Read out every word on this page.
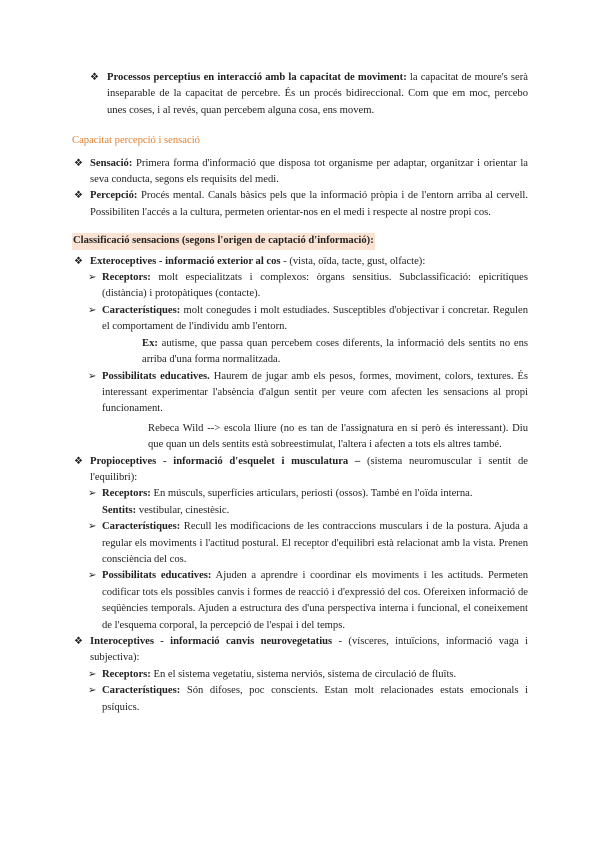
❖ Processos perceptius en interacció amb la capacitat de moviment: la capacitat de moure's serà inseparable de la capacitat de percebre. És un procés bidireccional. Com que em moc, percebo unes coses, i al revés, quan percebem alguna cosa, ens movem.

Capacitat percepció i sensació
❖ Sensació: Primera forma d'informació que disposa tot organisme per adaptar, organitzar i orientar la seva conducta, segons els requisits del medi.

❖ Percepció: Procés mental. Canals bàsics pels que la informació pròpia i de l'entorn arriba al cervell. Possibiliten l'accés a la cultura, permeten orientar-nos en el medi i respecte al nostre propi cos.

Classificació sensacions (segons l'origen de captació d'informació):
❖ Exteroceptives - informació exterior al cos - (vista, oïda, tacte, gust, olfacte):

➢ Receptors: molt especialitzats i complexos: òrgans sensitius. Subclassificació: epicrítiques (distància) i protopàtiques (contacte).

➢ Característiques: molt conegudes i molt estudiades. Susceptibles d'objectivar i concretar. Regulen el comportament de l'individu amb l'entorn.

Ex: autisme, que passa quan percebem coses diferents, la informació dels sentits no ens arriba d'una forma normalitzada.

➢ Possibilitats educatives. Haurem de jugar amb els pesos, formes, moviment, colors, textures. És interessant experimentar l'absència d'algun sentit per veure com afecten les sensacions al propi funcionament.

Rebeca Wild --> escola lliure (no es tan de l'assignatura en si però és interessant). Diu que quan un dels sentits està sobreestimulat, l'altera i afecten a tots els altres també.

❖ Propioceptives - informació d'esquelet i musculatura – (sistema neuromuscular i sentit de l'equilibri):

➢ Receptors: En músculs, superfícies articulars, periosti (ossos). També en l'oïda interna.

Sentits: vestibular, cinestèsic.

➢ Característiques: Recull les modificacions de les contraccions musculars i de la postura. Ajuda a regular els moviments i l'actitud postural. El receptor d'equilibri està relacionat amb la vista. Prenen consciència del cos.

➢ Possibilitats educatives: Ajuden a aprendre i coordinar els moviments i les actituds. Permeten codificar tots els possibles canvis i formes de reacció i d'expressió del cos. Ofereixen informació de seqüències temporals. Ajuden a estructura des d'una perspectiva interna i funcional, el coneixement de l'esquema corporal, la percepció de l'espai i del temps.

❖ Interoceptives - informació canvis neurovegetatius - (vísceres, intuïcions, informació vaga i subjectiva):

➢ Receptors: En el sistema vegetatiu, sistema nerviós, sistema de circulació de fluïts.

➢ Característiques: Són difoses, poc conscients. Estan molt relacionades estats emocionals i psíquics.
